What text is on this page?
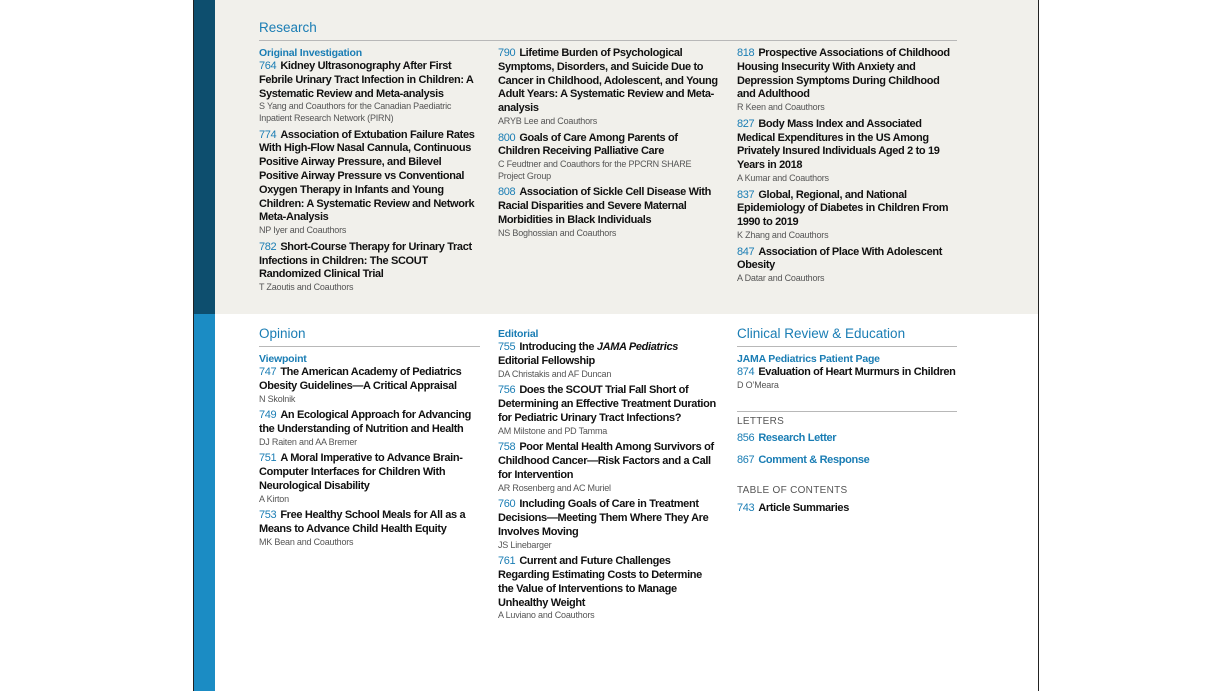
Research
Original Investigation
764 Kidney Ultrasonography After First Febrile Urinary Tract Infection in Children: A Systematic Review and Meta-analysis
S Yang and Coauthors for the Canadian Paediatric Inpatient Research Network (PIRN)
774 Association of Extubation Failure Rates With High-Flow Nasal Cannula, Continuous Positive Airway Pressure, and Bilevel Positive Airway Pressure vs Conventional Oxygen Therapy in Infants and Young Children: A Systematic Review and Network Meta-Analysis
NP Iyer and Coauthors
782 Short-Course Therapy for Urinary Tract Infections in Children: The SCOUT Randomized Clinical Trial
T Zaoutis and Coauthors
790 Lifetime Burden of Psychological Symptoms, Disorders, and Suicide Due to Cancer in Childhood, Adolescent, and Young Adult Years: A Systematic Review and Meta-analysis
ARYB Lee and Coauthors
800 Goals of Care Among Parents of Children Receiving Palliative Care
C Feudtner and Coauthors for the PPCRN SHARE Project Group
808 Association of Sickle Cell Disease With Racial Disparities and Severe Maternal Morbidities in Black Individuals
NS Boghossian and Coauthors
818 Prospective Associations of Childhood Housing Insecurity With Anxiety and Depression Symptoms During Childhood and Adulthood
R Keen and Coauthors
827 Body Mass Index and Associated Medical Expenditures in the US Among Privately Insured Individuals Aged 2 to 19 Years in 2018
A Kumar and Coauthors
837 Global, Regional, and National Epidemiology of Diabetes in Children From 1990 to 2019
K Zhang and Coauthors
847 Association of Place With Adolescent Obesity
A Datar and Coauthors
Opinion
Viewpoint
747 The American Academy of Pediatrics Obesity Guidelines—A Critical Appraisal
N Skolnik
749 An Ecological Approach for Advancing the Understanding of Nutrition and Health
DJ Raiten and AA Bremer
751 A Moral Imperative to Advance Brain-Computer Interfaces for Children With Neurological Disability
A Kirton
753 Free Healthy School Meals for All as a Means to Advance Child Health Equity
MK Bean and Coauthors
Editorial
755 Introducing the JAMA Pediatrics Editorial Fellowship
DA Christakis and AF Duncan
756 Does the SCOUT Trial Fall Short of Determining an Effective Treatment Duration for Pediatric Urinary Tract Infections?
AM Milstone and PD Tamma
758 Poor Mental Health Among Survivors of Childhood Cancer—Risk Factors and a Call for Intervention
AR Rosenberg and AC Muriel
760 Including Goals of Care in Treatment Decisions—Meeting Them Where They Are Involves Moving
JS Linebarger
761 Current and Future Challenges Regarding Estimating Costs to Determine the Value of Interventions to Manage Unhealthy Weight
A Luviano and Coauthors
Clinical Review & Education
JAMA Pediatrics Patient Page
874 Evaluation of Heart Murmurs in Children
D O’Meara
LETTERS
856 Research Letter
867 Comment & Response
TABLE OF CONTENTS
743 Article Summaries
